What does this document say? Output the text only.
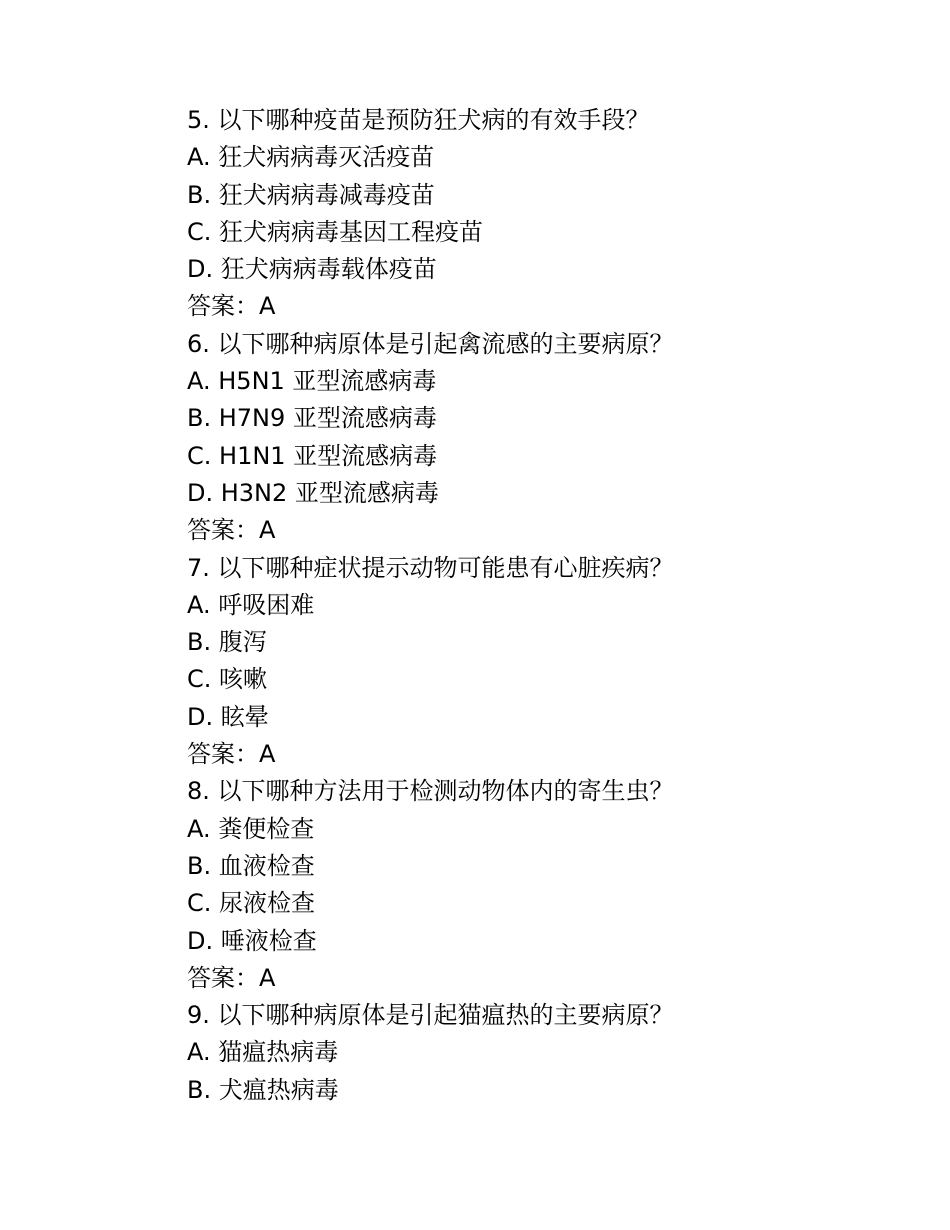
5. 以下哪种疫苗是预防狂犬病的有效手段？
A. 狂犬病病毒灭活疫苗
B. 狂犬病病毒减毒疫苗
C. 狂犬病病毒基因工程疫苗
D. 狂犬病病毒载体疫苗
答案：A
6. 以下哪种病原体是引起禽流感的主要病原？
A. H5N1 亚型流感病毒
B. H7N9 亚型流感病毒
C. H1N1 亚型流感病毒
D. H3N2 亚型流感病毒
答案：A
7. 以下哪种症状提示动物可能患有心脏疾病？
A. 呼吸困难
B. 腹泻
C. 咳嗽
D. 眩晕
答案：A
8. 以下哪种方法用于检测动物体内的寄生虫？
A. 粪便检查
B. 血液检查
C. 尿液检查
D. 唾液检查
答案：A
9. 以下哪种病原体是引起猫瘟热的主要病原？
A. 猫瘟热病毒
B. 犬瘟热病毒
